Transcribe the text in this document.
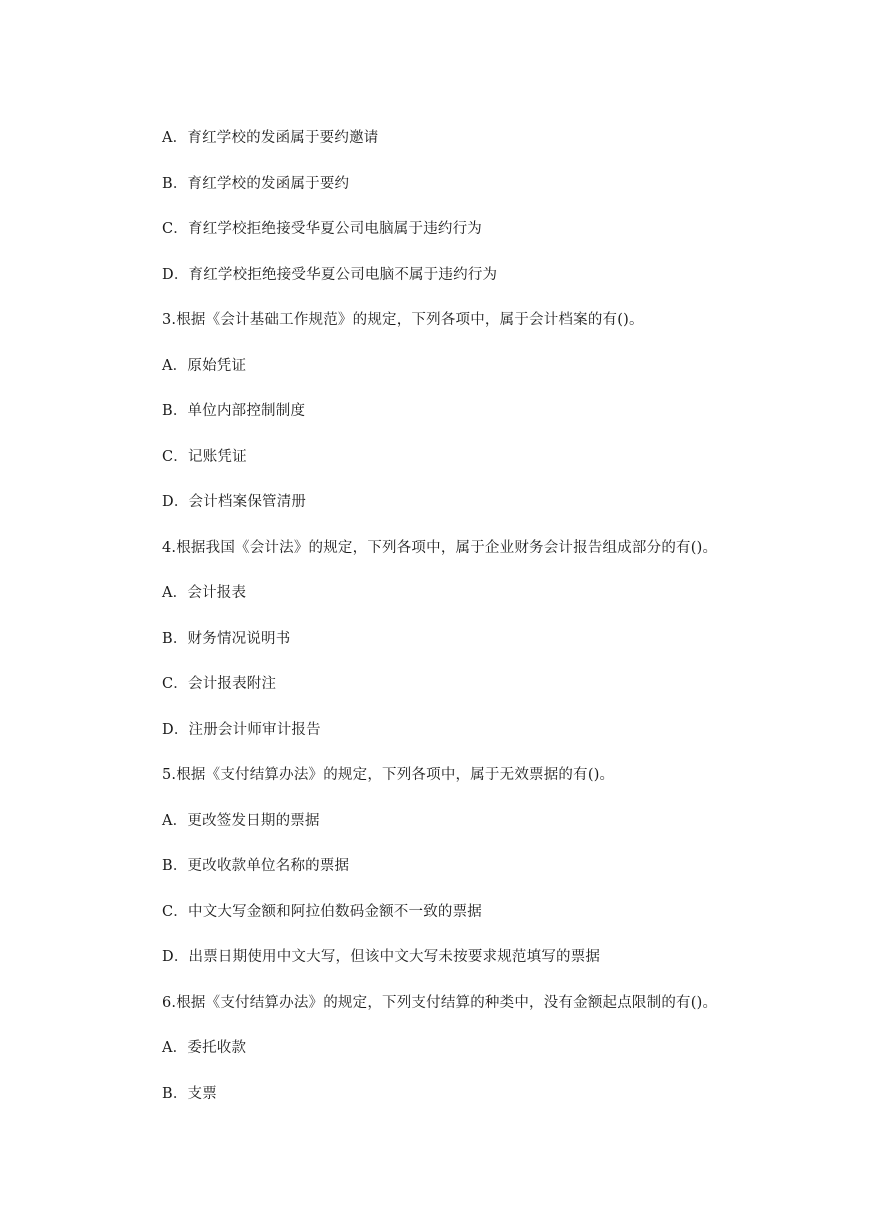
A．育红学校的发函属于要约邀请
B．育红学校的发函属于要约
C．育红学校拒绝接受华夏公司电脑属于违约行为
D．育红学校拒绝接受华夏公司电脑不属于违约行为
3.根据《会计基础工作规范》的规定，下列各项中，属于会计档案的有()。
A．原始凭证
B．单位内部控制制度
C．记账凭证
D．会计档案保管清册
4.根据我国《会计法》的规定，下列各项中，属于企业财务会计报告组成部分的有()。
A．会计报表
B．财务情况说明书
C．会计报表附注
D．注册会计师审计报告
5.根据《支付结算办法》的规定，下列各项中，属于无效票据的有()。
A．更改签发日期的票据
B．更改收款单位名称的票据
C．中文大写金额和阿拉伯数码金额不一致的票据
D．出票日期使用中文大写，但该中文大写未按要求规范填写的票据
6.根据《支付结算办法》的规定，下列支付结算的种类中，没有金额起点限制的有()。
A．委托收款
B．支票
